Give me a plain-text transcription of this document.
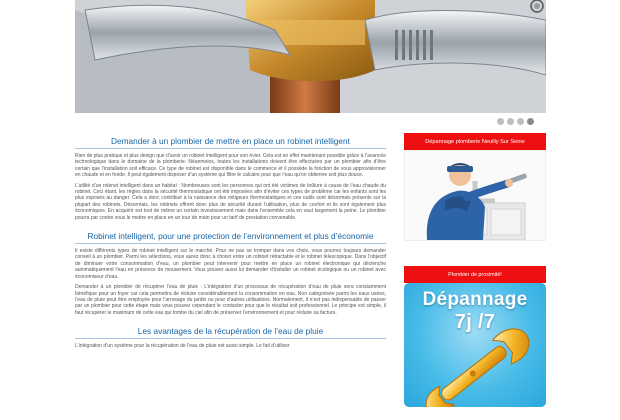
Demander à un plombier de mettre en place un robinet intelligent

Rien de plus pratique et plus design que d’avoir un robinet intelligent pour son évier. Cela est en effet maintenant possible grâce à l’avancée technologique dans le domaine de la plomberie. Néanmoins, toutes les installations doivent être effectuées par un plombier afin d’être certain que l’installation soit efficace. Ce type de robinet est disponible dans le commerce et il possède la fonction de vous approvisionner en chaude et en froide. Il peut également disposer d’un système qui filtre le calcaire pour que l’eau qu’on obtienne soit plus douce.

L’utilité d’un robinet intelligent dans un habitat : Nombreuses sont les personnes qui ont été victimes de brûlure à cause de l’eau chaude du robinet. Ceci étant, les règles dans la sécurité thermostatique ont été imposées afin d’éviter ces types de problème car les enfants sont les plus exposés au danger. Cela a donc contribué à la naissance des mitigeurs thermostatiques et ces outils sont désormais présents sur la plupart des robinets. Désormais, les robinets offrent donc plus de sécurité durant l’utilisation, plus de confort et ils sont également plus économiques. En acquérir est tout de même un certain investissement mais dans l’ensemble cela en vaut largement la peine. Le plombier pourra par contre vous le mettre en place en un tour de main pour un tarif de prestation convenable.

Robinet intelligent, pour une protection de l’environnement et plus d’économie

Il existe différents types de robinet intelligent sur le marché. Pour ne pas se tromper dans vos choix, vous pourrez toujours demander conseil à un plombier. Parmi les sélections, vous aurez donc à choisir entre un robinet rétractable et le robinet télescopique. Dans l’objectif de diminuer votre consommation d’eau, un plombier peut intervenir pour mettre en place un robinet électronique qui déclenche automatiquement l’eau en présence de mouvement. Vous pouvez aussi lui demander d’installer un robinet écologique ou un robinet avec économiseur d’eau.

Demander à un plombier de récupérer l’eau de pluie : L’intégration d’un processus de récupération d’eau de pluie sera constamment bénéfique pour un foyer car cela permettra de réduire considérablement la consommation en eau. Non catégorisée parmi les eaux usées, l’eau de pluie peut être employée pour l’arrosage du jardin ou pour d’autres utilisations. Normalement, il n’est pas indispensable de passer par un plombier pour cette étape mais vous pouvez cependant le contacter pour que le résultat soit professionnel. Le principe est simple, il faut récupérer le maximum de cette eau qui tombe du ciel afin de préserver l’environnement et pour réduire sa facture.

Les avantages de la récupération de l’eau de pluie

L’intégration d’un système pour la récupération de l’eau de pluie est aussi simple. Le fait d’utiliser

Dépannage plomberie Neuilly Sur Seine
Plombier de proximité!
Dépannage
7j /7
